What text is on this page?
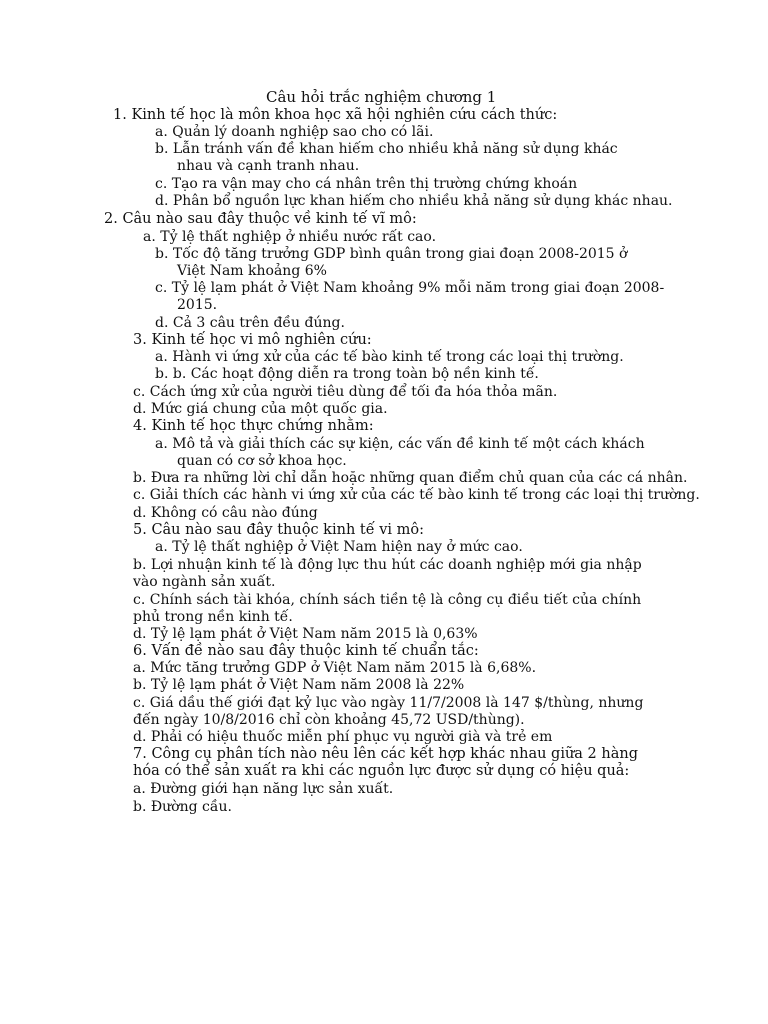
Câu hỏi trắc nghiệm chương 1
1. Kinh tế học là môn khoa học xã hội nghiên cứu cách thức:
a. Quản lý doanh nghiệp sao cho có lãi.
b. Lẫn tránh vấn đề khan hiếm cho nhiều khả năng sử dụng khác
nhau và cạnh tranh nhau.
c. Tạo ra vận may cho cá nhân trên thị trường chứng khoán
d. Phân bổ nguồn lực khan hiếm cho nhiều khả năng sử dụng khác nhau.
2. Câu nào sau đây thuộc về kinh tế vĩ mô:
a. Tỷ lệ thất nghiệp ở nhiều nước rất cao.
b. Tốc độ tăng trưởng GDP bình quân trong giai đoạn 2008-2015 ở
Việt Nam khoảng 6%
c. Tỷ lệ lạm phát ở Việt Nam khoảng 9% mỗi năm trong giai đoạn 2008-
2015.
d. Cả 3 câu trên đều đúng.
3. Kinh tế học vi mô nghiên cứu:
a. Hành vi ứng xử của các tế bào kinh tế trong các loại thị trường.
b. b. Các hoạt động diễn ra trong toàn bộ nền kinh tế.
c. Cách ứng xử của người tiêu dùng để tối đa hóa thỏa mãn.
d. Mức giá chung của một quốc gia.
4. Kinh tế học thực chứng nhằm:
a. Mô tả và giải thích các sự kiện, các vấn đề kinh tế một cách khách
quan có cơ sở khoa học.
b. Đưa ra những lời chỉ dẫn hoặc những quan điểm chủ quan của các cá nhân.
c. Giải thích các hành vi ứng xử của các tế bào kinh tế trong các loại thị trường.
d. Không có câu nào đúng
5. Câu nào sau đây thuộc kinh tế vi mô:
a. Tỷ lệ thất nghiệp ở Việt Nam hiện nay ở mức cao.
b. Lợi nhuận kinh tế là động lực thu hút các doanh nghiệp mới gia nhập
vào ngành sản xuất.
c. Chính sách tài khóa, chính sách tiền tệ là công cụ điều tiết của chính
phủ trong nền kinh tế.
d. Tỷ lệ lạm phát ở Việt Nam năm 2015 là 0,63%
6. Vấn đề nào sau đây thuộc kinh tế chuẩn tắc:
a. Mức tăng trưởng GDP ở Việt Nam năm 2015 là 6,68%.
b. Tỷ lệ lạm phát ở Việt Nam năm 2008 là 22%
c. Giá dầu thế giới đạt kỷ lục vào ngày 11/7/2008 là 147 $/thùng, nhưng
đến ngày 10/8/2016 chỉ còn khoảng 45,72 USD/thùng).
d. Phải có hiệu thuốc miễn phí phục vụ người già và trẻ em
7. Công cụ phân tích nào nêu lên các kết hợp khác nhau giữa 2 hàng
hóa có thể sản xuất ra khi các nguồn lực được sử dụng có hiệu quả:
a. Đường giới hạn năng lực sản xuất.
b. Đường cầu.
